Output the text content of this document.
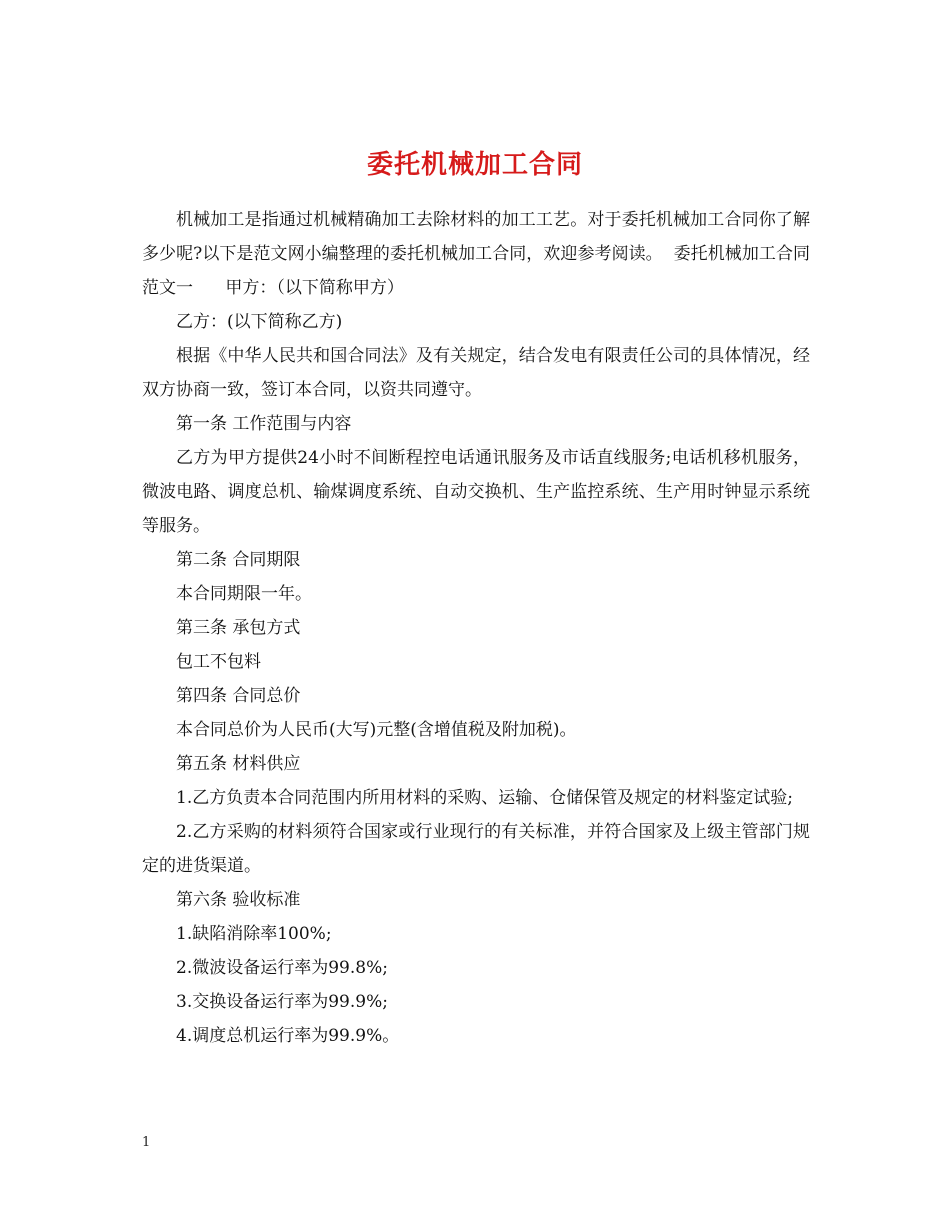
委托机械加工合同

机械加工是指通过机械精确加工去除材料的加工工艺。对于委托机械加工合同你了解多少呢?以下是范文网小编整理的委托机械加工合同，欢迎参考阅读。  委托机械加工合同范文一      甲方：（以下简称甲方）

乙方：(以下简称乙方)

根据《中华人民共和国合同法》及有关规定，结合发电有限责任公司的具体情况，经双方协商一致，签订本合同，以资共同遵守。

第一条 工作范围与内容

乙方为甲方提供24小时不间断程控电话通讯服务及市话直线服务;电话机移机服务，微波电路、调度总机、输煤调度系统、自动交换机、生产监控系统、生产用时钟显示系统等服务。

第二条 合同期限

本合同期限一年。

第三条 承包方式

包工不包料

第四条 合同总价

本合同总价为人民币(大写)元整(含增值税及附加税)。

第五条 材料供应

1.乙方负责本合同范围内所用材料的采购、运输、仓储保管及规定的材料鉴定试验;

2.乙方采购的材料须符合国家或行业现行的有关标准，并符合国家及上级主管部门规定的进货渠道。

第六条 验收标准

1.缺陷消除率100%;

2.微波设备运行率为99.8%;

3.交换设备运行率为99.9%;

4.调度总机运行率为99.9%。

1
